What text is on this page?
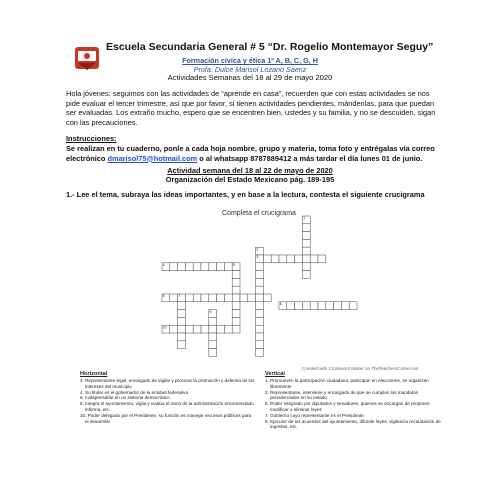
Escuela Secundaria General # 5 “Dr. Rogelio Montemayor Seguy”
Formación cívica y ética 1º A, B, C, G, H
Profa. Dulce Marisol Lozano Sáenz
Actividades Semanas del 18 al 29 de mayo 2020
Hola jóvenes: seguimos con las actividades de “aprende en casa”, recuerden que con estas actividades se nos pide evaluar el tercer trimestre, así que por favor, si tienen actividades pendientes, mándenlas, para que puedan ser evaluadas. Los extraño mucho, espero que se encentren bien, ustedes y su familia, y no se descuiden, sigan con las precauciones.
Instrucciones:
Se realizan en tu cuaderno, ponle a cada hoja nombre, grupo y materia, toma foto y entrégalas vía correo electrónico dmarisol75@hotmail.com o al whatsapp 8787889412 a más tardar el día lunes 01 de junio.
Actividad semana del 18 al 22 de mayo de 2020
Organización del Estado Mexicano pág. 189-195
1.- Lee el tema, subraya las ideas importantes, y en base a la lectura, contesta el siguiente crucigrama
Completa el crucigrama
1
2
3
4	5
6	7
8
9
10
Created with Crossword Maker on TheTeachersCorner.net
Horizontal
3. Representante legal, encargado de vigilar y procurar la promoción y defensa de los intereses del municipio
4. Su titular es el gobernador de la entidad federativa
6. Indispensable en un sistema democrático
8. Integra el ayuntamiento, vigila y evalúa el ramo de la administración encomendado, informa, etc.
10. Poder delegado por el Presidente, su función es manejar recursos públicos para el desarrollo
Vertical
1. Promueven la participación ciudadana, participan en elecciones, se organizan libremente
2. Representante, interviene y encargado de que se cumplan los mandatos presidenciales en su estado
5. Poder integrado por diputados y senadores, quienes se encargan de proponer, modificar o eliminar leyes
7. Gobierno cuyo representante es el Presidente
9. Ejecutor de los acuerdos del ayuntamiento, difunde leyes, vigilancia recaudación de ingresos, etc.
